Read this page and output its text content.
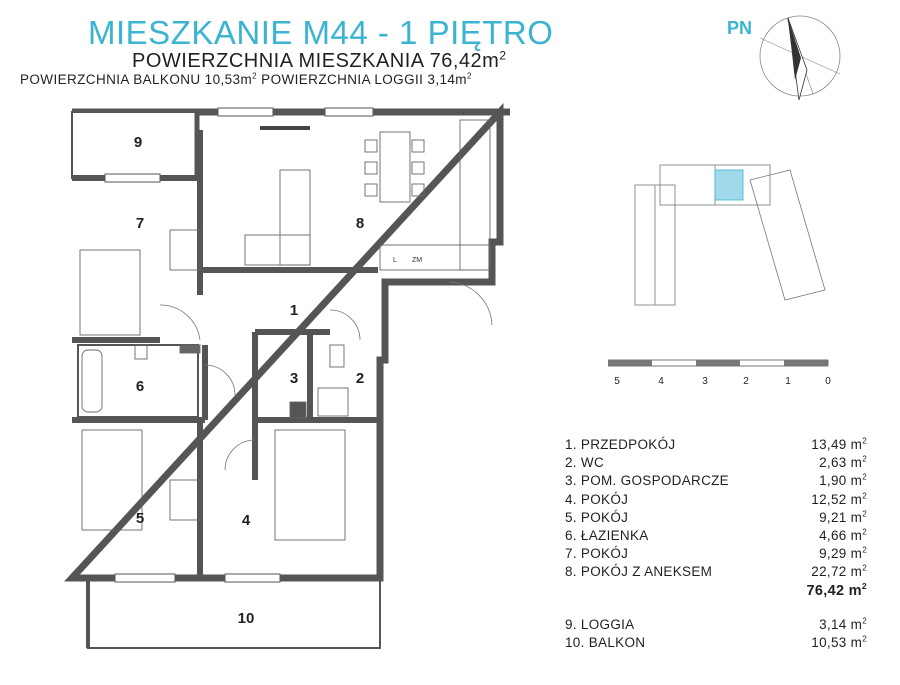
MIESZKANIE M44 - 1 PIĘTRO
POWIERZCHNIA MIESZKANIA $76,42m^2$
POWIERZCHNIA BALKONU $10,53m^2$ POWIERZCHNIA LOGGII $3,14m^2$
PN
1
2
3
4
5
6
7	8
9
10
L ZM
5	4	3	2	1	0
1. PRZEDPOKÓJ	13,49 $m^2$
2. WC	2,63 $m^2$
3. POM. GOSPODARCZE	1,90 $m^2$
4. POKÓJ	12,52 $m^2$
5. POKÓJ	9,21 $m^2$
6. ŁAZIENKA	4,66 $m^2$
7. POKÓJ	9,29 $m^2$
8. POKÓJ Z ANEKSEM	22,72 $m^2$
76,42 $m^2$
9. LOGGIA	3,14 $m^2$
10. BALKON	10,53 $m^2$
